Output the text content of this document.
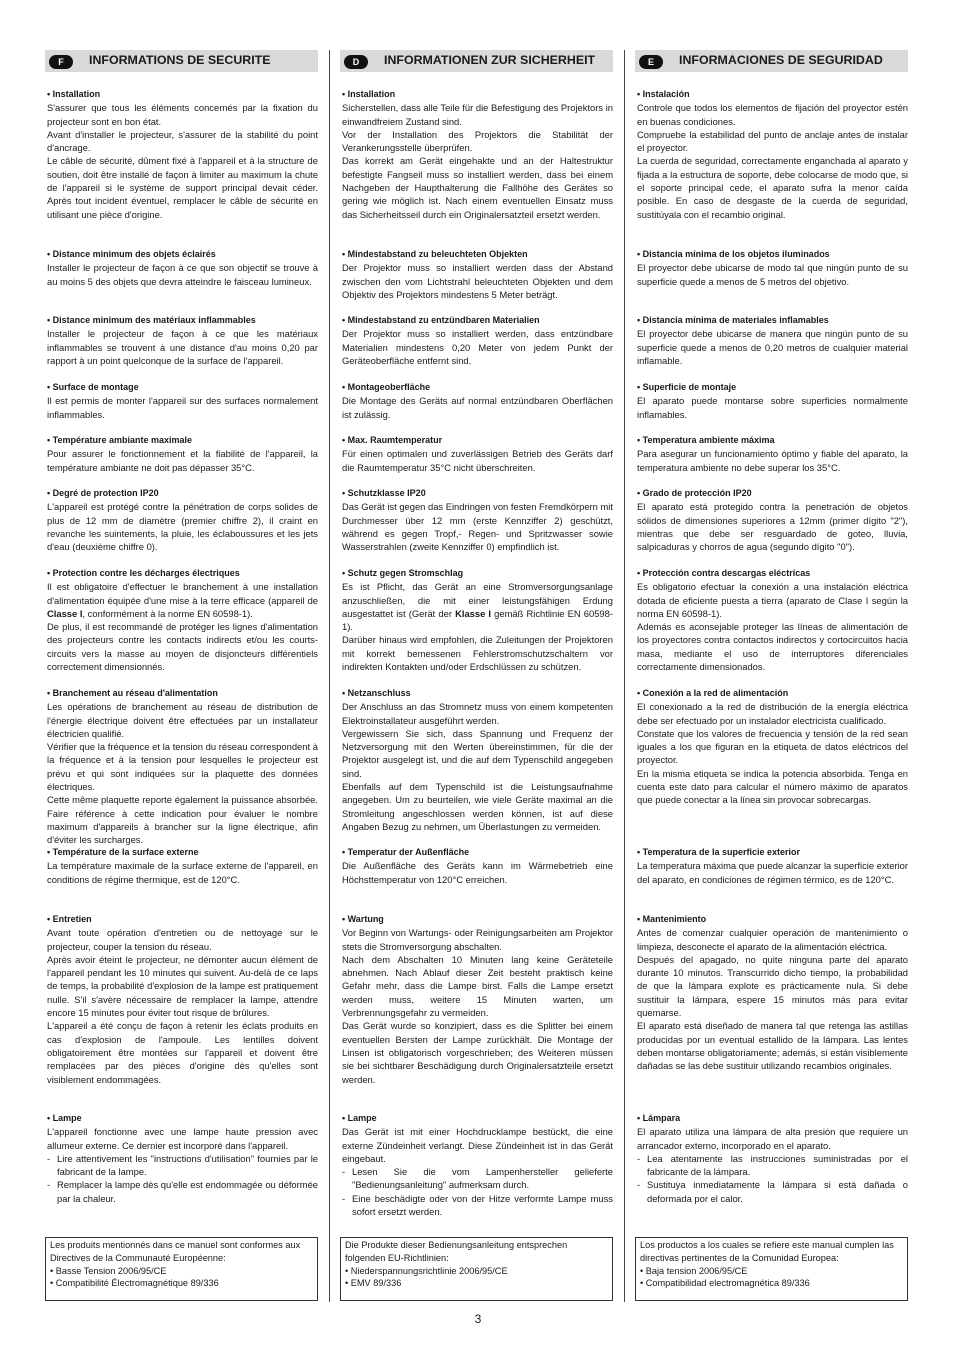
F	INFORMATIONS DE SECURITE
• Installation
S'assurer que tous les éléments concernés par la fixation du projecteur sont en bon état.
Avant d'installer le projecteur, s'assurer de la stabilité du point d'ancrage.
Le câble de sécurité, dûment fixé à l'appareil et à la structure de soutien, doit être installé de façon à limiter au maximum la chute de l'appareil si le système de support principal devait céder. Après tout incident éventuel, remplacer le câble de sécurité en utilisant une pièce d'origine.
• Distance minimum des objets éclairés
Installer le projecteur de façon à ce que son objectif se trouve à au moins 5 des objets que devra atteindre le faisceau lumineux.
• Distance minimum des matériaux inflammables
Installer le projecteur de façon à ce que les matériaux inflammables se trouvent à une distance d'au moins 0,20 par rapport à un point quelconque de la surface de l'appareil.
• Surface de montage
Il est permis de monter l'appareil sur des surfaces normalement inflammables.
• Température ambiante maximale
Pour assurer le fonctionnement et la fiabilité de l'appareil, la température ambiante ne doit pas dépasser 35°C.
• Degré de protection IP20
L'appareil est protégé contre la pénétration de corps solides de plus de 12 mm de diamètre (premier chiffre 2), il craint en revanche les suintements, la pluie, les éclaboussures et les jets d'eau (deuxième chiffre 0).
• Protection contre les décharges électriques
Il est obligatoire d'effectuer le branchement à une installation d'alimentation équipée d'une mise à la terre efficace (appareil de Classe I, conformément à la norme EN 60598-1).
De plus, il est recommandé de protéger les lignes d'alimentation des projecteurs contre les contacts indirects et/ou les courts-circuits vers la masse au moyen de disjoncteurs différentiels correctement dimensionnés.
• Branchement au réseau d'alimentation
Les opérations de branchement au réseau de distribution de l'énergie électrique doivent être effectuées par un installateur électricien qualifié.
Vérifier que la fréquence et la tension du réseau correspondent à la fréquence et à la tension pour lesquelles le projecteur est prévu et qui sont indiquées sur la plaquette des données électriques.
Cette même plaquette reporte également la puissance absorbée. Faire référence à cette indication pour évaluer le nombre maximum d'appareils à brancher sur la ligne électrique, afin d'éviter les surcharges.
• Température de la surface externe
La température maximale de la surface externe de l'appareil, en conditions de régime thermique, est de 120°C.
• Entretien
Avant toute opération d'entretien ou de nettoyage sur le projecteur, couper la tension du réseau.
Après avoir éteint le projecteur, ne démonter aucun élément de l'appareil pendant les 10 minutes qui suivent. Au-delà de ce laps de temps, la probabilité d'explosion de la lampe est pratiquement nulle. S'il s'avère nécessaire de remplacer la lampe, attendre encore 15 minutes pour éviter tout risque de brûlures.
L'appareil a été conçu de façon à retenir les éclats produits en cas d'explosion de l'ampoule. Les lentilles doivent obligatoirement être montées sur l'appareil et doivent être remplacées par des pièces d'origine dès qu'elles sont visiblement endommagées.
• Lampe
L'appareil fonctionne avec une lampe haute pression avec allumeur externe. Ce dernier est incorporé dans l'appareil.
- Lire attentivement les "instructions d'utilisation" fournies par le fabricant de la lampe.
- Remplacer la lampe dès qu'elle est endommagée ou déformée par la chaleur.
Les produits mentionnés dans ce manuel sont conformes aux Directives de la Communauté Européenne:
• Basse Tension 2006/95/CE
• Compatibilité Électromagnétique 89/336
D	INFORMATIONEN ZUR SICHERHEIT
• Installation
Sicherstellen, dass alle Teile für die Befestigung des Projektors in einwandfreiem Zustand sind.
Vor der Installation des Projektors die Stabilität der Verankerungsstelle überprüfen.
Das korrekt am Gerät eingehakte und an der Haltestruktur befestigte Fangseil muss so installiert werden, dass bei einem Nachgeben der Haupthalterung die Fallhöhe des Gerätes so gering wie möglich ist. Nach einem eventuellen Einsatz muss das Sicherheitsseil durch ein Originalersatzteil ersetzt werden.
• Mindestabstand zu beleuchteten Objekten
Der Projektor muss so installiert werden dass der Abstand zwischen den vom Lichtstrahl beleuchteten Objekten und dem Objektiv des Projektors mindestens 5 Meter beträgt.
• Mindestabstand zu entzündbaren Materialien
Der Projektor muss so installiert werden, dass entzündbare Materialien mindestens 0,20 Meter von jedem Punkt der Geräteoberfläche entfernt sind.
• Montageoberfläche
Die Montage des Geräts auf normal entzündbaren Oberflächen ist zulässig.
• Max. Raumtemperatur
Für einen optimalen und zuverlässigen Betrieb des Geräts darf die Raumtemperatur 35°C nicht überschreiten.
• Schutzklasse IP20
Das Gerät ist gegen das Eindringen von festen Fremdkörpern mit Durchmesser über 12 mm (erste Kennziffer 2) geschützt, während es gegen Tropf,- Regen- und Spritzwasser sowie Wasserstrahlen (zweite Kennziffer 0) empfindlich ist.
• Schutz gegen Stromschlag
Es ist Pflicht, das Gerät an eine Stromversorgungsanlage anzuschließen, die mit einer leistungsfähigen Erdung ausgestattet ist (Gerät der Klasse I gemäß Richtlinie EN 60598-1).
Darüber hinaus wird empfohlen, die Zuleitungen der Projektoren mit korrekt bemessenen Fehlerstromschutzschaltern vor indirekten Kontakten und/oder Erdschlüssen zu schützen.
• Netzanschluss
Der Anschluss an das Stromnetz muss von einem kompetenten Elektroinstallateur ausgeführt werden.
Vergewissern Sie sich, dass Spannung und Frequenz der Netzversorgung mit den Werten übereinstimmen, für die der Projektor ausgelegt ist, und die auf dem Typenschild angegeben sind.
Ebenfalls auf dem Typenschild ist die Leistungsaufnahme angegeben. Um zu beurteilen, wie viele Geräte maximal an die Stromleitung angeschlossen werden können, ist auf diese Angaben Bezug zu nehmen, um Überlastungen zu vermeiden.
• Temperatur der Außenfläche
Die Außenfläche des Geräts kann im Wärmebetrieb eine Höchsttemperatur von 120°C erreichen.
• Wartung
Vor Beginn von Wartungs- oder Reinigungsarbeiten am Projektor stets die Stromversorgung abschalten.
Nach dem Abschalten 10 Minuten lang keine Geräteteile abnehmen. Nach Ablauf dieser Zeit besteht praktisch keine Gefahr mehr, dass die Lampe birst. Falls die Lampe ersetzt werden muss, weitere 15 Minuten warten, um Verbrennungsgefahr zu vermeiden.
Das Gerät wurde so konzipiert, dass es die Splitter bei einem eventuellen Bersten der Lampe zurückhält. Die Montage der Linsen ist obligatorisch vorgeschrieben; des Weiteren müssen sie bei sichtbarer Beschädigung durch Originalersatzteile ersetzt werden.
• Lampe
Das Gerät ist mit einer Hochdrucklampe bestückt, die eine externe Zündeinheit verlangt. Diese Zündeinheit ist in das Gerät eingebaut.
- Lesen Sie die vom Lampenhersteller gelieferte "Bedienungsanleitung" aufmerksam durch.
- Eine beschädigte oder von der Hitze verformte Lampe muss sofort ersetzt werden.
Die Produkte dieser Bedienungsanleitung entsprechen folgenden EU-Richtlinien:
• Niederspannungsrichtlinie 2006/95/CE
• EMV 89/336
E	INFORMACIONES DE SEGURIDAD
• Instalación
Controle que todos los elementos de fijación del proyector estén en buenas condiciones.
Compruebe la estabilidad del punto de anclaje antes de instalar el proyector.
La cuerda de seguridad, correctamente enganchada al aparato y fijada a la estructura de soporte, debe colocarse de modo que, si el soporte principal cede, el aparato sufra la menor caída posible. En caso de desgaste de la cuerda de seguridad, sustitúyala con el recambio original.
• Distancia mínima de los objetos iluminados
El proyector debe ubicarse de modo tal que ningún punto de su superficie quede a menos de 5 metros del objetivo.
• Distancia mínima de materiales inflamables
El proyector debe ubicarse de manera que ningún punto de su superficie quede a menos de 0,20 metros de cualquier material inflamable.
• Superficie de montaje
El aparato puede montarse sobre superficies normalmente inflamables.
• Temperatura ambiente máxima
Para asegurar un funcionamiento óptimo y fiable del aparato, la temperatura ambiente no debe superar los 35°C.
• Grado de protección IP20
El aparato está protegido contra la penetración de objetos sólidos de dimensiones superiores a 12mm (primer dígito "2"), mientras que debe ser resguardado de goteo, lluvia, salpicaduras y chorros de agua (segundo dígito "0").
• Protección contra descargas eléctricas
Es obligatorio efectuar la conexión a una instalación eléctrica dotada de eficiente puesta a tierra (aparato de Clase I según la norma EN 60598-1).
Además es aconsejable proteger las líneas de alimentación de los proyectores contra contactos indirectos y cortocircuitos hacia masa, mediante el uso de interruptores diferenciales correctamente dimensionados.
• Conexión a la red de alimentación
El conexionado a la red de distribución de la energía eléctrica debe ser efectuado por un instalador electricista cualificado.
Constate que los valores de frecuencia y tensión de la red sean iguales a los que figuran en la etiqueta de datos eléctricos del proyector.
En la misma etiqueta se indica la potencia absorbida. Tenga en cuenta este dato para calcular el número máximo de aparatos que puede conectar a la línea sin provocar sobrecargas.
• Temperatura de la superficie exterior
La temperatura máxima que puede alcanzar la superficie exterior del aparato, en condiciones de régimen térmico, es de 120°C.
• Mantenimiento
Antes de comenzar cualquier operación de mantenimiento o limpieza, desconecte el aparato de la alimentación eléctrica.
Después del apagado, no quite ninguna parte del aparato durante 10 minutos. Transcurrido dicho tiempo, la probabilidad de que la lámpara explote es prácticamente nula. Si debe sustituir la lámpara, espere 15 minutos más para evitar quemarse.
El aparato está diseñado de manera tal que retenga las astillas producidas por un eventual estallido de la lámpara. Las lentes deben montarse obligatoriamente; además, si están visiblemente dañadas se las debe sustituir utilizando recambios originales.
• Lámpara
El aparato utiliza una lámpara de alta presión que requiere un arrancador externo, incorporado en el aparato.
- Lea atentamente las instrucciones suministradas por el fabricante de la lámpara.
- Sustituya inmediatamente la lámpara si está dañada o deformada por el calor.
Los productos a los cuales se refiere este manual cumplen las directivas pertinentes de la Comunidad Europea:
• Baja tension 2006/95/CE
• Compatibilidad electromagnética 89/336
3
